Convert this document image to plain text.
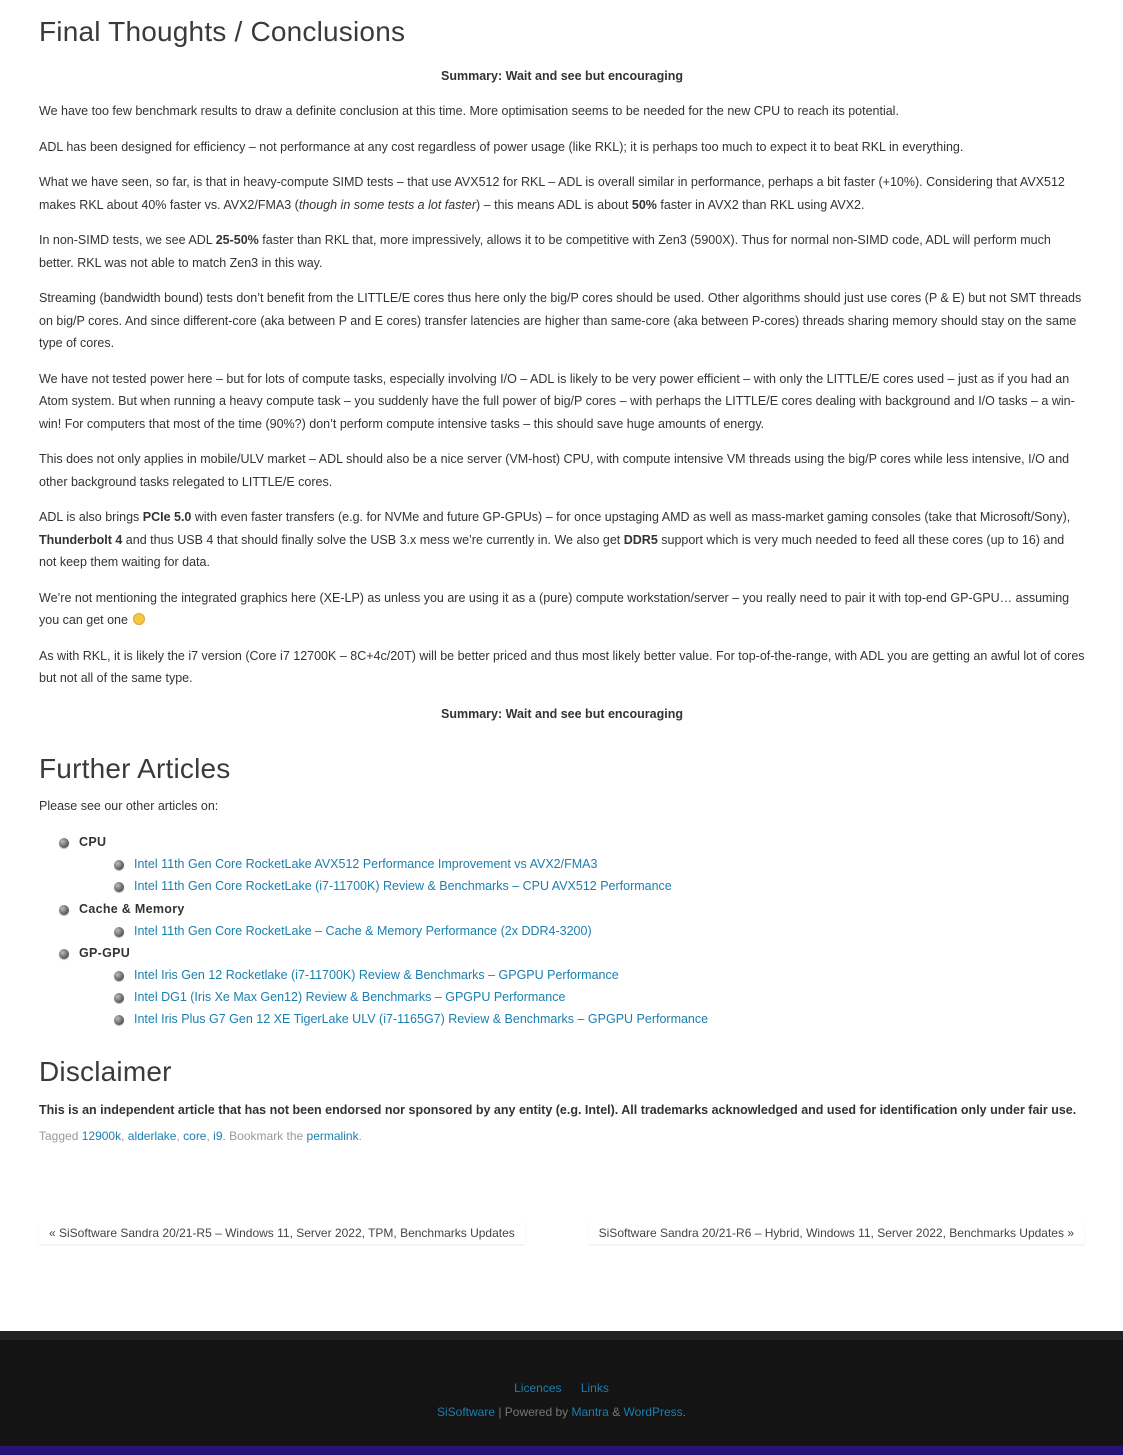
Final Thoughts / Conclusions

Summary: Wait and see but encouraging

We have too few benchmark results to draw a definite conclusion at this time. More optimisation seems to be needed for the new CPU to reach its potential.

ADL has been designed for efficiency – not performance at any cost regardless of power usage (like RKL); it is perhaps too much to expect it to beat RKL in everything.

What we have seen, so far, is that in heavy-compute SIMD tests – that use AVX512 for RKL – ADL is overall similar in performance, perhaps a bit faster (+10%). Considering that AVX512 makes RKL about 40% faster vs. AVX2/FMA3 (though in some tests a lot faster) – this means ADL is about 50% faster in AVX2 than RKL using AVX2.

In non-SIMD tests, we see ADL 25-50% faster than RKL that, more impressively, allows it to be competitive with Zen3 (5900X). Thus for normal non-SIMD code, ADL will perform much better. RKL was not able to match Zen3 in this way.

Streaming (bandwidth bound) tests don’t benefit from the LITTLE/E cores thus here only the big/P cores should be used. Other algorithms should just use cores (P & E) but not SMT threads on big/P cores. And since different-core (aka between P and E cores) transfer latencies are higher than same-core (aka between P-cores) threads sharing memory should stay on the same type of cores.

We have not tested power here – but for lots of compute tasks, especially involving I/O – ADL is likely to be very power efficient – with only the LITTLE/E cores used – just as if you had an Atom system. But when running a heavy compute task – you suddenly have the full power of big/P cores – with perhaps the LITTLE/E cores dealing with background and I/O tasks – a win-win! For computers that most of the time (90%?) don’t perform compute intensive tasks – this should save huge amounts of energy.

This does not only applies in mobile/ULV market – ADL should also be a nice server (VM-host) CPU, with compute intensive VM threads using the big/P cores while less intensive, I/O and other background tasks relegated to LITTLE/E cores.

ADL is also brings PCIe 5.0 with even faster transfers (e.g. for NVMe and future GP-GPUs) – for once upstaging AMD as well as mass-market gaming consoles (take that Microsoft/Sony), Thunderbolt 4 and thus USB 4 that should finally solve the USB 3.x mess we’re currently in. We also get DDR5 support which is very much needed to feed all these cores (up to 16) and not keep them waiting for data.

We’re not mentioning the integrated graphics here (XE-LP) as unless you are using it as a (pure) compute workstation/server – you really need to pair it with top-end GP-GPU… assuming you can get one

As with RKL, it is likely the i7 version (Core i7 12700K – 8C+4c/20T) will be better priced and thus most likely better value. For top-of-the-range, with ADL you are getting an awful lot of cores but not all of the same type.

Summary: Wait and see but encouraging

Further Articles

Please see our other articles on:

CPU
Intel 11th Gen Core RocketLake AVX512 Performance Improvement vs AVX2/FMA3
Intel 11th Gen Core RocketLake (i7-11700K) Review & Benchmarks – CPU AVX512 Performance
Cache & Memory
Intel 11th Gen Core RocketLake – Cache & Memory Performance (2x DDR4-3200)
GP-GPU
Intel Iris Gen 12 Rocketlake (i7-11700K) Review & Benchmarks – GPGPU Performance
Intel DG1 (Iris Xe Max Gen12) Review & Benchmarks – GPGPU Performance
Intel Iris Plus G7 Gen 12 XE TigerLake ULV (i7-1165G7) Review & Benchmarks – GPGPU Performance
Disclaimer

This is an independent article that has not been endorsed nor sponsored by any entity (e.g. Intel). All trademarks acknowledged and used for identification only under fair use.

Tagged 12900k, alderlake, core, i9. Bookmark the permalink.
« SiSoftware Sandra 20/21-R5 – Windows 11, Server 2022, TPM, Benchmarks Updates	SiSoftware Sandra 20/21-R6 – Hybrid, Windows 11, Server 2022, Benchmarks Updates »
Licences Links
SiSoftware | Powered by Mantra & WordPress.
